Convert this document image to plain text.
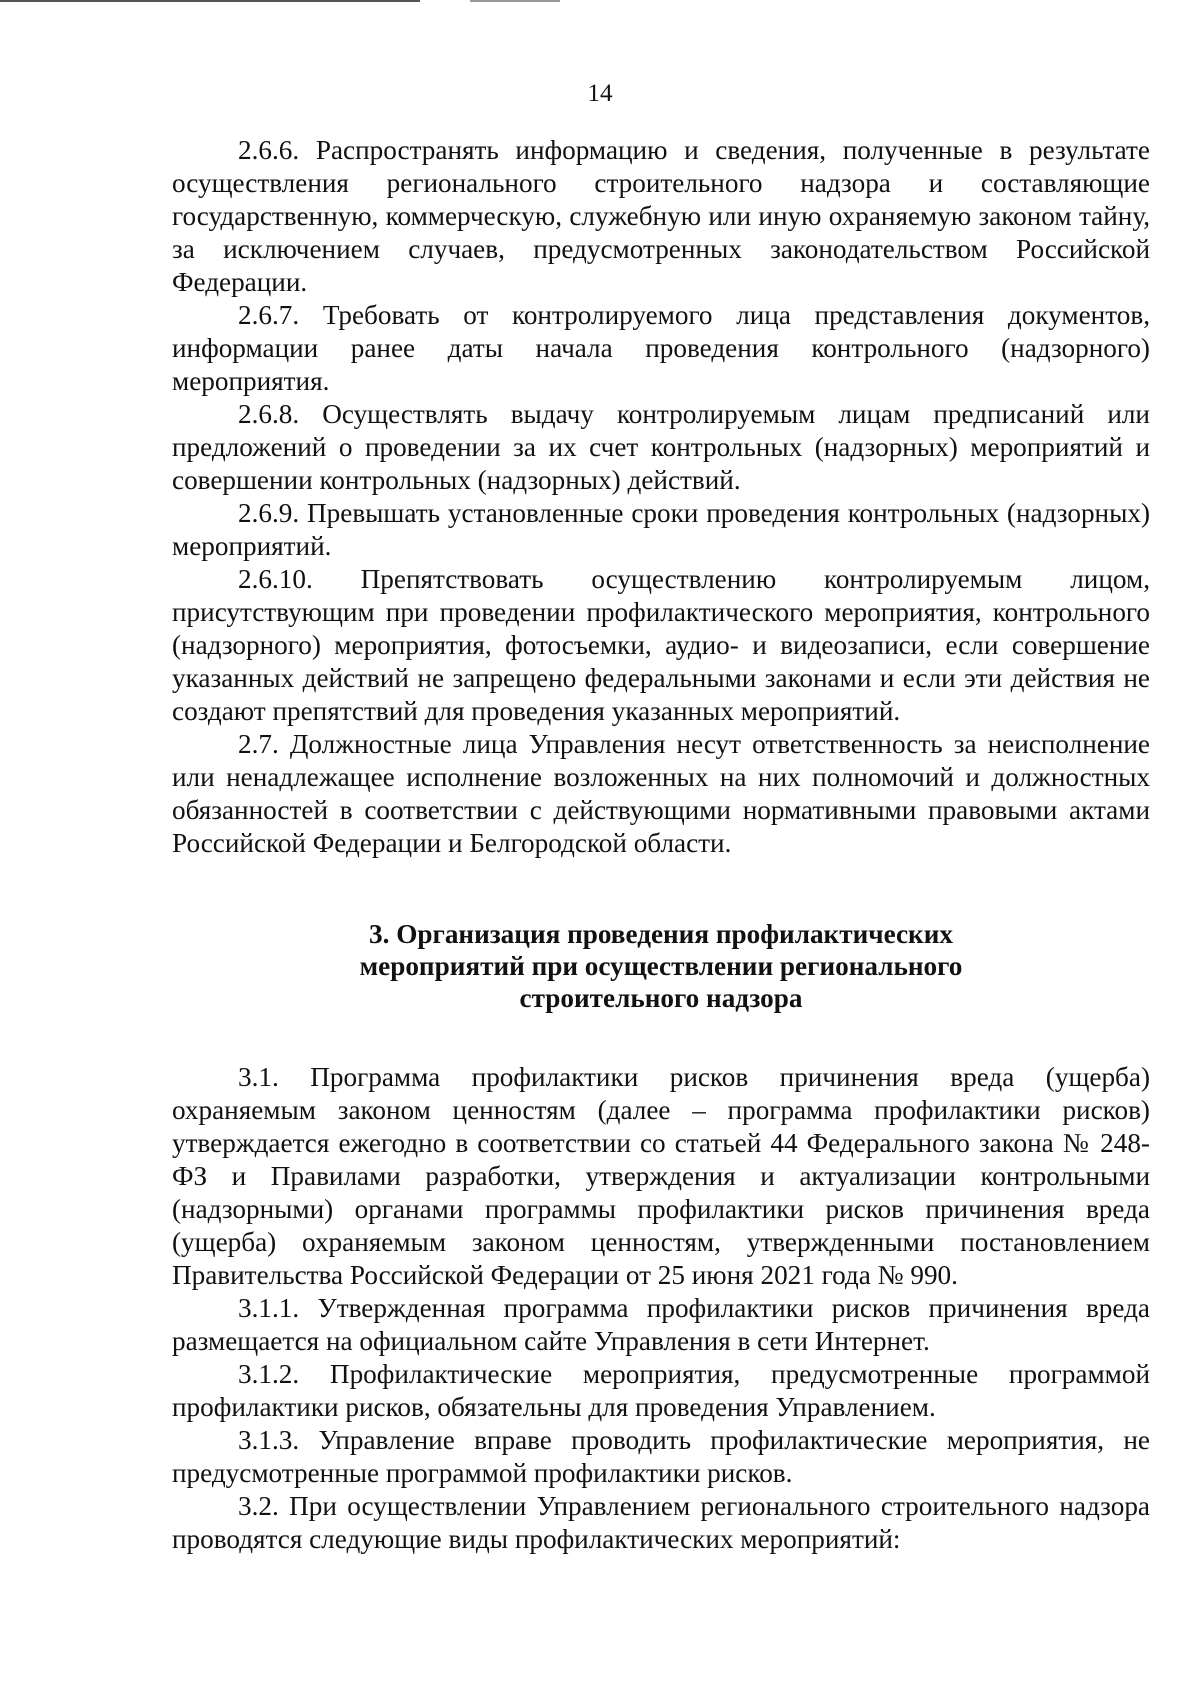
14

2.6.6. Распространять информацию и сведения, полученные в результате осуществления регионального строительного надзора и составляющие государственную, коммерческую, служебную или иную охраняемую законом тайну, за исключением случаев, предусмотренных законодательством Российской Федерации.

2.6.7. Требовать от контролируемого лица представления документов, информации ранее даты начала проведения контрольного (надзорного) мероприятия.

2.6.8. Осуществлять выдачу контролируемым лицам предписаний или предложений о проведении за их счет контрольных (надзорных) мероприятий и совершении контрольных (надзорных) действий.

2.6.9. Превышать установленные сроки проведения контрольных (надзорных) мероприятий.

2.6.10. Препятствовать осуществлению контролируемым лицом, присутствующим при проведении профилактического мероприятия, контрольного (надзорного) мероприятия, фотосъемки, аудио- и видеозаписи, если совершение указанных действий не запрещено федеральными законами и если эти действия не создают препятствий для проведения указанных мероприятий.

2.7. Должностные лица Управления несут ответственность за неисполнение или ненадлежащее исполнение возложенных на них полномочий и должностных обязанностей в соответствии с действующими нормативными правовыми актами Российской Федерации и Белгородской области.

3. Организация проведения профилактических
мероприятий при осуществлении регионального
строительного надзора

3.1. Программа профилактики рисков причинения вреда (ущерба) охраняемым законом ценностям (далее – программа профилактики рисков) утверждается ежегодно в соответствии со статьей 44 Федерального закона № 248-ФЗ и Правилами разработки, утверждения и актуализации контрольными (надзорными) органами программы профилактики рисков причинения вреда (ущерба) охраняемым законом ценностям, утвержденными постановлением Правительства Российской Федерации от 25 июня 2021 года № 990.

3.1.1. Утвержденная программа профилактики рисков причинения вреда размещается на официальном сайте Управления в сети Интернет.

3.1.2. Профилактические мероприятия, предусмотренные программой профилактики рисков, обязательны для проведения Управлением.

3.1.3. Управление вправе проводить профилактические мероприятия, не предусмотренные программой профилактики рисков.

3.2. При осуществлении Управлением регионального строительного надзора проводятся следующие виды профилактических мероприятий:
